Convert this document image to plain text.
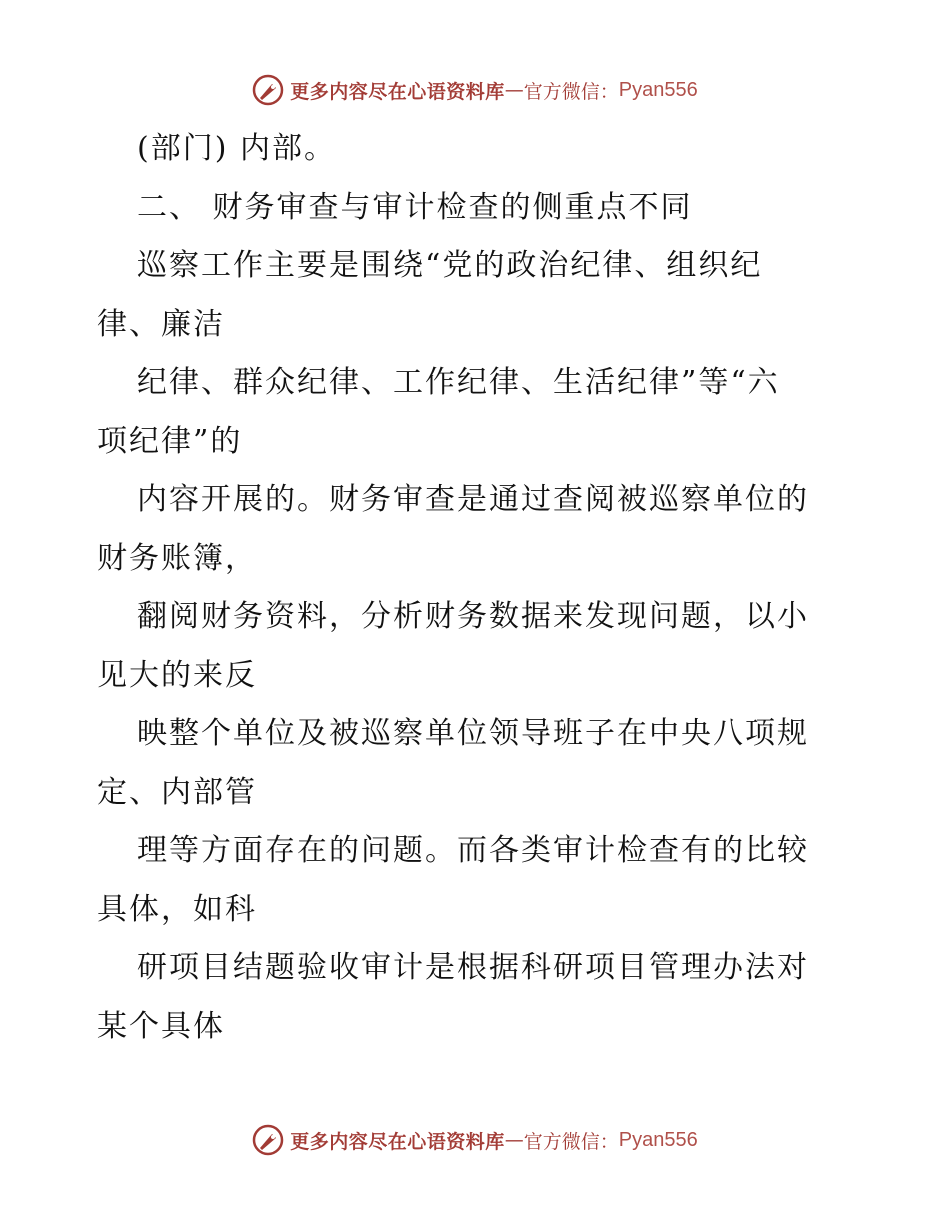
更多内容尽在心语资料库 — 官方微信： Pyan556
(部门) 内部。
二、 财务审查与审计检查的侧重点不同
巡察工作主要是围绕“党的政治纪律、组织纪
律、廉洁
纪律、群众纪律、工作纪律、生活纪律”等“六
项纪律”的
内容开展的。财务审查是通过查阅被巡察单位的
财务账簿，
翻阅财务资料，分析财务数据来发现问题，以小
见大的来反
映整个单位及被巡察单位领导班子在中央八项规
定、内部管
理等方面存在的问题。而各类审计检查有的比较
具体，如科
研项目结题验收审计是根据科研项目管理办法对
某个具体
更多内容尽在心语资料库 — 官方微信： Pyan556
